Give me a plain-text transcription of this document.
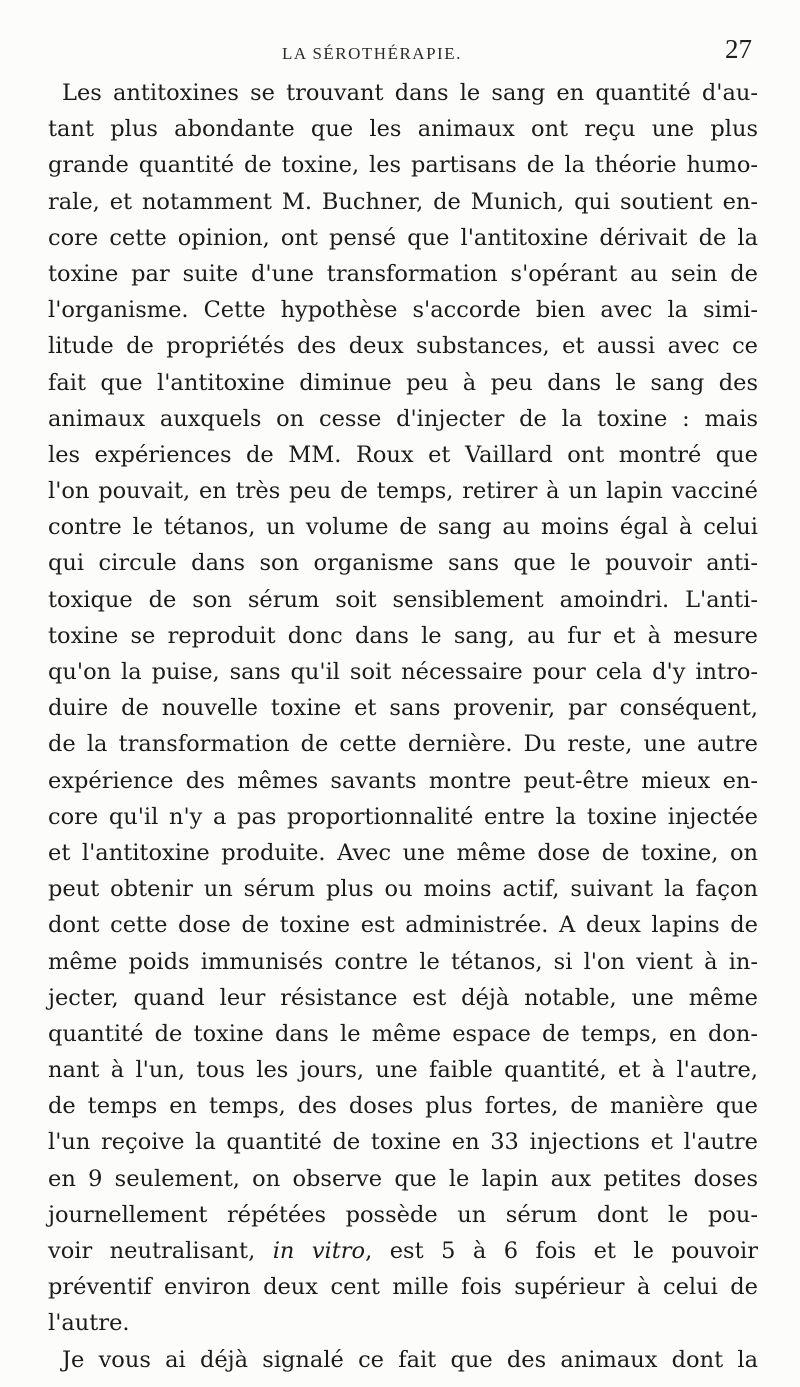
LA SÉROTHÉRAPIE.	27
Les antitoxines se trouvant dans le sang en quantité d'au-
tant plus abondante que les animaux ont reçu une plus
grande quantité de toxine, les partisans de la théorie humo-
rale, et notamment M. Buchner, de Munich, qui soutient en-
core cette opinion, ont pensé que l'antitoxine dérivait de la
toxine par suite d'une transformation s'opérant au sein de
l'organisme. Cette hypothèse s'accorde bien avec la simi-
litude de propriétés des deux substances, et aussi avec ce
fait que l'antitoxine diminue peu à peu dans le sang des
animaux auxquels on cesse d'injecter de la toxine : mais
les expériences de MM. Roux et Vaillard ont montré que
l'on pouvait, en très peu de temps, retirer à un lapin vacciné
contre le tétanos, un volume de sang au moins égal à celui
qui circule dans son organisme sans que le pouvoir anti-
toxique de son sérum soit sensiblement amoindri. L'anti-
toxine se reproduit donc dans le sang, au fur et à mesure
qu'on la puise, sans qu'il soit nécessaire pour cela d'y intro-
duire de nouvelle toxine et sans provenir, par conséquent,
de la transformation de cette dernière. Du reste, une autre
expérience des mêmes savants montre peut-être mieux en-
core qu'il n'y a pas proportionnalité entre la toxine injectée
et l'antitoxine produite. Avec une même dose de toxine, on
peut obtenir un sérum plus ou moins actif, suivant la façon
dont cette dose de toxine est administrée. A deux lapins de
même poids immunisés contre le tétanos, si l'on vient à in-
jecter, quand leur résistance est déjà notable, une même
quantité de toxine dans le même espace de temps, en don-
nant à l'un, tous les jours, une faible quantité, et à l'autre,
de temps en temps, des doses plus fortes, de manière que
l'un reçoive la quantité de toxine en 33 injections et l'autre
en 9 seulement, on observe que le lapin aux petites doses
journellement répétées possède un sérum dont le pou-
voir neutralisant, in vitro, est 5 à 6 fois et le pouvoir
préventif environ deux cent mille fois supérieur à celui de
l'autre.
Je vous ai déjà signalé ce fait que des animaux dont la
